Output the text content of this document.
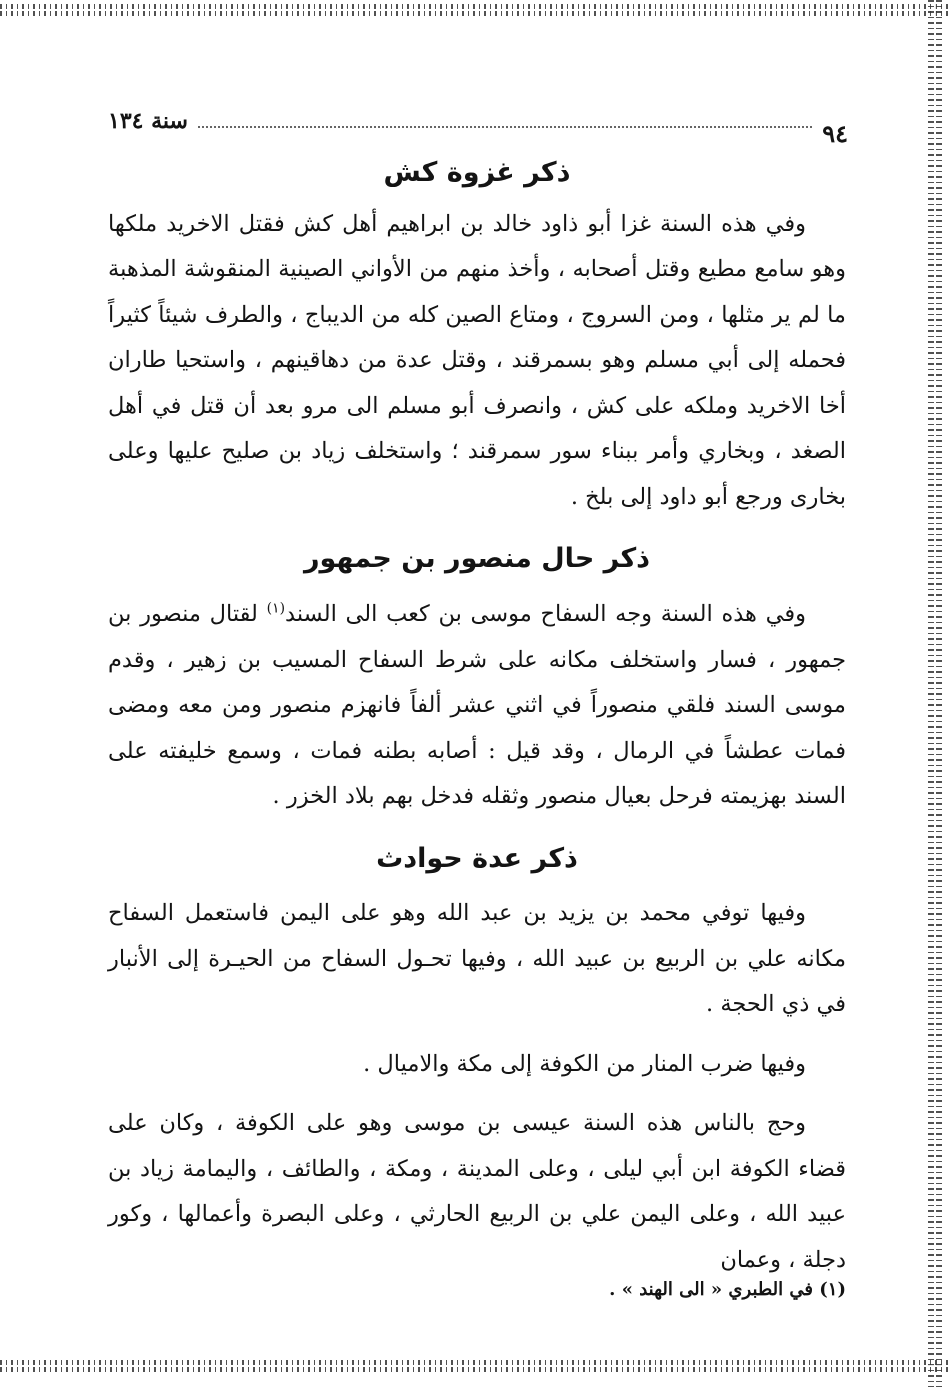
٩٤
سنة ١٣٤
ذكر غزوة كش

وفي هذه السنة غزا أبو ذاود خالد بن ابراهيم أهل كش فقتل الاخريد ملكها وهو سامع مطيع وقتل أصحابه ، وأخذ منهم من الأواني الصينية المنقوشة المذهبة ما لم ير مثلها ، ومن السروج ، ومتاع الصين كله من الديباج ، والطرف شيئاً كثيراً فحمله إلى أبي مسلم وهو بسمرقند ، وقتل عدة من دهاقينهم ، واستحيا طاران أخا الاخريد وملكه على كش ، وانصرف أبو مسلم الى مرو بعد أن قتل في أهل الصغد ، وبخاري وأمر ببناء سور سمرقند ؛ واستخلف زياد بن صليح عليها وعلى بخارى ورجع أبو داود إلى بلخ .

ذكر حال منصور بن جمهور

وفي هذه السنة وجه السفاح موسى بن كعب الى السند$^{(١)}$ لقتال منصور بن جمهور ، فسار واستخلف مكانه على شرط السفاح المسيب بن زهير ، وقدم موسى السند فلقي منصوراً في اثني عشر ألفاً فانهزم منصور ومن معه ومضى فمات عطشاً في الرمال ، وقد قيل : أصابه بطنه فمات ، وسمع خليفته على السند بهزيمته فرحل بعيال منصور وثقله فدخل بهم بلاد الخزر .

ذكر عدة حوادث

وفيها توفي محمد بن يزيد بن عبد الله وهو على اليمن فاستعمل السفاح مكانه علي بن الربيع بن عبيد الله ، وفيها تحـول السفاح من الحيـرة إلى الأنبار في ذي الحجة .

وفيها ضرب المنار من الكوفة إلى مكة والاميال .

وحج بالناس هذه السنة عيسى بن موسى وهو على الكوفة ، وكان على قضاء الكوفة ابن أبي ليلى ، وعلى المدينة ، ومكة ، والطائف ، واليمامة زياد بن عبيد الله ، وعلى اليمن علي بن الربيع الحارثي ، وعلى البصرة وأعمالها ، وكور دجلة ، وعمان

(١) في الطبري « الى الهند » .
